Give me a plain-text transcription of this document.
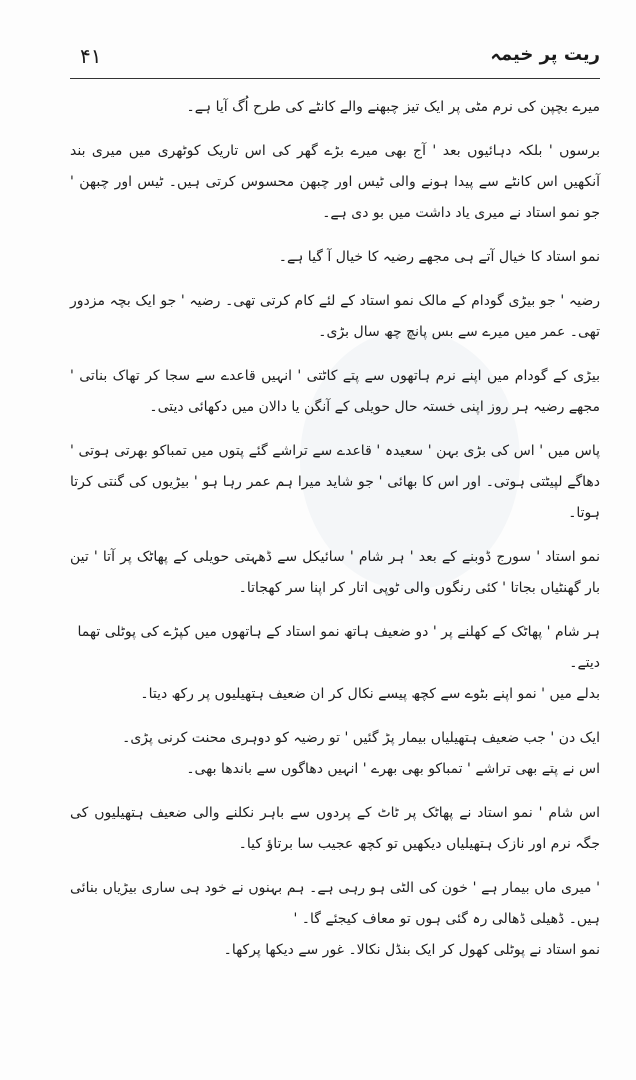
۴۱	ریت پر خیمہ

میرے بچپن کی نرم مٹی پر ایک تیز چبھنے والے کانٹے کی طرح اُگ آیا ہے۔

برسوں ' بلکہ دہائیوں بعد ' آج بھی میرے بڑے گھر کی اس تاریک کوٹھری میں میری بند آنکھیں اس کانٹے سے پیدا ہونے والی ٹیس اور چبھن محسوس کرتی ہیں۔ ٹیس اور چبھن ' جو نمو استاد نے میری یاد داشت میں بو دی ہے۔

نمو استاد کا خیال آتے ہی مجھے رضیہ کا خیال آ گیا ہے۔

رضیہ ' جو بیڑی گودام کے مالک نمو استاد کے لئے کام کرتی تھی۔ رضیہ ' جو ایک بچہ مزدور تھی۔ عمر میں میرے سے بس پانچ چھ سال بڑی۔

بیڑی کے گودام میں اپنے نرم ہاتھوں سے پتے کاٹتی ' انہیں قاعدے سے سجا کر تھاک بناتی ' مجھے رضیہ ہر روز اپنی خستہ حال حویلی کے آنگن یا دالان میں دکھائی دیتی۔

پاس میں ' اس کی بڑی بہن ' سعیدہ ' قاعدے سے تراشے گئے پتوں میں تمباکو بھرتی ہوتی ' دھاگے لپیٹتی ہوتی۔ اور اس کا بھائی ' جو شاید میرا ہم عمر رہا ہو ' بیڑیوں کی گنتی کرتا ہوتا۔

نمو استاد ' سورج ڈوبنے کے بعد ' ہر شام ' سائیکل سے ڈھہتی حویلی کے پھاٹک پر آتا ' تین بار گھنٹیاں بجاتا ' کئی رنگوں والی ٹوپی اتار کر اپنا سر کھجاتا۔

ہر شام ' پھاٹک کے کھلنے پر ' دو ضعیف ہاتھ نمو استاد کے ہاتھوں میں کپڑے کی پوٹلی تھما دیتے۔

بدلے میں ' نمو اپنے بٹوے سے کچھ پیسے نکال کر ان ضعیف ہتھیلیوں پر رکھ دیتا۔

ایک دن ' جب ضعیف ہتھیلیاں بیمار پڑ گئیں ' تو رضیہ کو دوہری محنت کرنی پڑی۔

اس نے پتے بھی تراشے ' تمباکو بھی بھرے ' انہیں دھاگوں سے باندھا بھی۔

اس شام ' نمو استاد نے پھاٹک پر ٹاٹ کے پردوں سے باہر نکلنے والی ضعیف ہتھیلیوں کی جگہ نرم اور نازک ہتھیلیاں دیکھیں تو کچھ عجیب سا برتاؤ کیا۔

' میری ماں بیمار ہے ' خون کی الٹی ہو رہی ہے۔ ہم بہنوں نے خود ہی ساری بیڑیاں بنائی ہیں۔ ڈھیلی ڈھالی رہ گئی ہوں تو معاف کیجئے گا۔ '

نمو استاد نے پوٹلی کھول کر ایک بنڈل نکالا۔ غور سے دیکھا پرکھا۔
